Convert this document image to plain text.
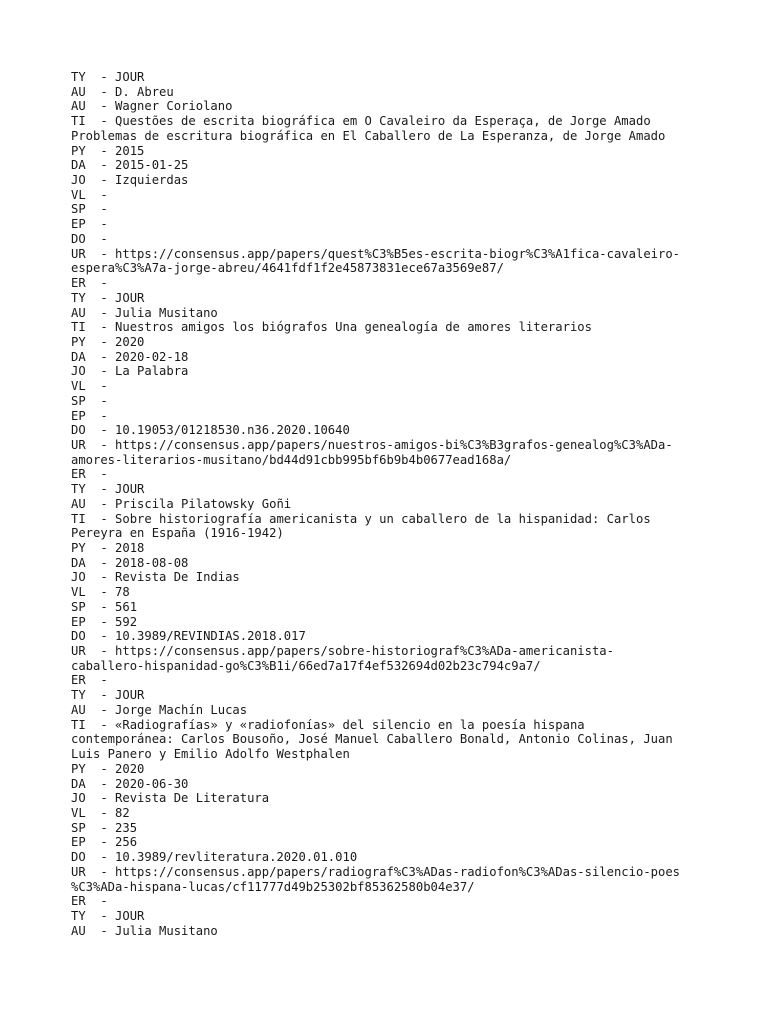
TY  - JOUR
AU  - D. Abreu
AU  - Wagner Coriolano
TI  - Questões de escrita biográfica em O Cavaleiro da Esperaça, de Jorge Amado
Problemas de escritura biográfica en El Caballero de La Esperanza, de Jorge Amado
PY  - 2015
DA  - 2015-01-25
JO  - Izquierdas
VL  -
SP  -
EP  -
DO  -
UR  - https://consensus.app/papers/quest%C3%B5es-escrita-biogr%C3%A1fica-cavaleiro-
espera%C3%A7a-jorge-abreu/4641fdf1f2e45873831ece67a3569e87/
ER  -
TY  - JOUR
AU  - Julia Musitano
TI  - Nuestros amigos los biógrafos Una genealogía de amores literarios
PY  - 2020
DA  - 2020-02-18
JO  - La Palabra
VL  -
SP  -
EP  -
DO  - 10.19053/01218530.n36.2020.10640
UR  - https://consensus.app/papers/nuestros-amigos-bi%C3%B3grafos-genealog%C3%ADa-
amores-literarios-musitano/bd44d91cbb995bf6b9b4b0677ead168a/
ER  -
TY  - JOUR
AU  - Priscila Pilatowsky Goñi
TI  - Sobre historiografía americanista y un caballero de la hispanidad: Carlos
Pereyra en España (1916-1942)
PY  - 2018
DA  - 2018-08-08
JO  - Revista De Indias
VL  - 78
SP  - 561
EP  - 592
DO  - 10.3989/REVINDIAS.2018.017
UR  - https://consensus.app/papers/sobre-historiograf%C3%ADa-americanista-
caballero-hispanidad-go%C3%B1i/66ed7a17f4ef532694d02b23c794c9a7/
ER  -
TY  - JOUR
AU  - Jorge Machín Lucas
TI  - «Radiografías» y «radiofonías» del silencio en la poesía hispana
contemporánea: Carlos Bousoño, José Manuel Caballero Bonald, Antonio Colinas, Juan
Luis Panero y Emilio Adolfo Westphalen
PY  - 2020
DA  - 2020-06-30
JO  - Revista De Literatura
VL  - 82
SP  - 235
EP  - 256
DO  - 10.3989/revliteratura.2020.01.010
UR  - https://consensus.app/papers/radiograf%C3%ADas-radiofon%C3%ADas-silencio-poes
%C3%ADa-hispana-lucas/cf11777d49b25302bf85362580b04e37/
ER  -
TY  - JOUR
AU  - Julia Musitano
